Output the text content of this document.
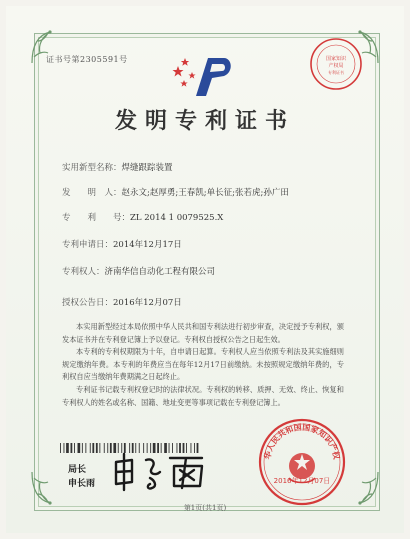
证书号第2305591号	国家知识
产权局
专利证书
发明专利证书
实用新型名称：焊缝跟踪装置
发　　明　人：赵永文;赵厚勇;王春凯;单长征;张若虎;孙广田
专　　利　　号：ZL 2014 1 0079525.X
专利申请日：2014年12月17日
专利权人：济南华信自动化工程有限公司
授权公告日：2016年12月07日

本实用新型经过本局依照中华人民共和国专利法进行初步审查，决定授予专利权，颁发本证书并在专利登记簿上予以登记。专利权自授权公告之日起生效。

本专利的专利权期限为十年，自申请日起算。专利权人应当依照专利法及其实施细则规定缴纳年费。本专利的年费应当在每年12月17日前缴纳。未按照规定缴纳年费的，专利权自应当缴纳年费期满之日起终止。

专利证书记载专利权登记时的法律状况。专利权的转移、质押、无效、终止、恢复和专利权人的姓名或名称、国籍、地址变更等事项记载在专利登记簿上。

局长
申长雨
华人民共和国国家知识产权
2016年12月07日
第1页(共1页)
